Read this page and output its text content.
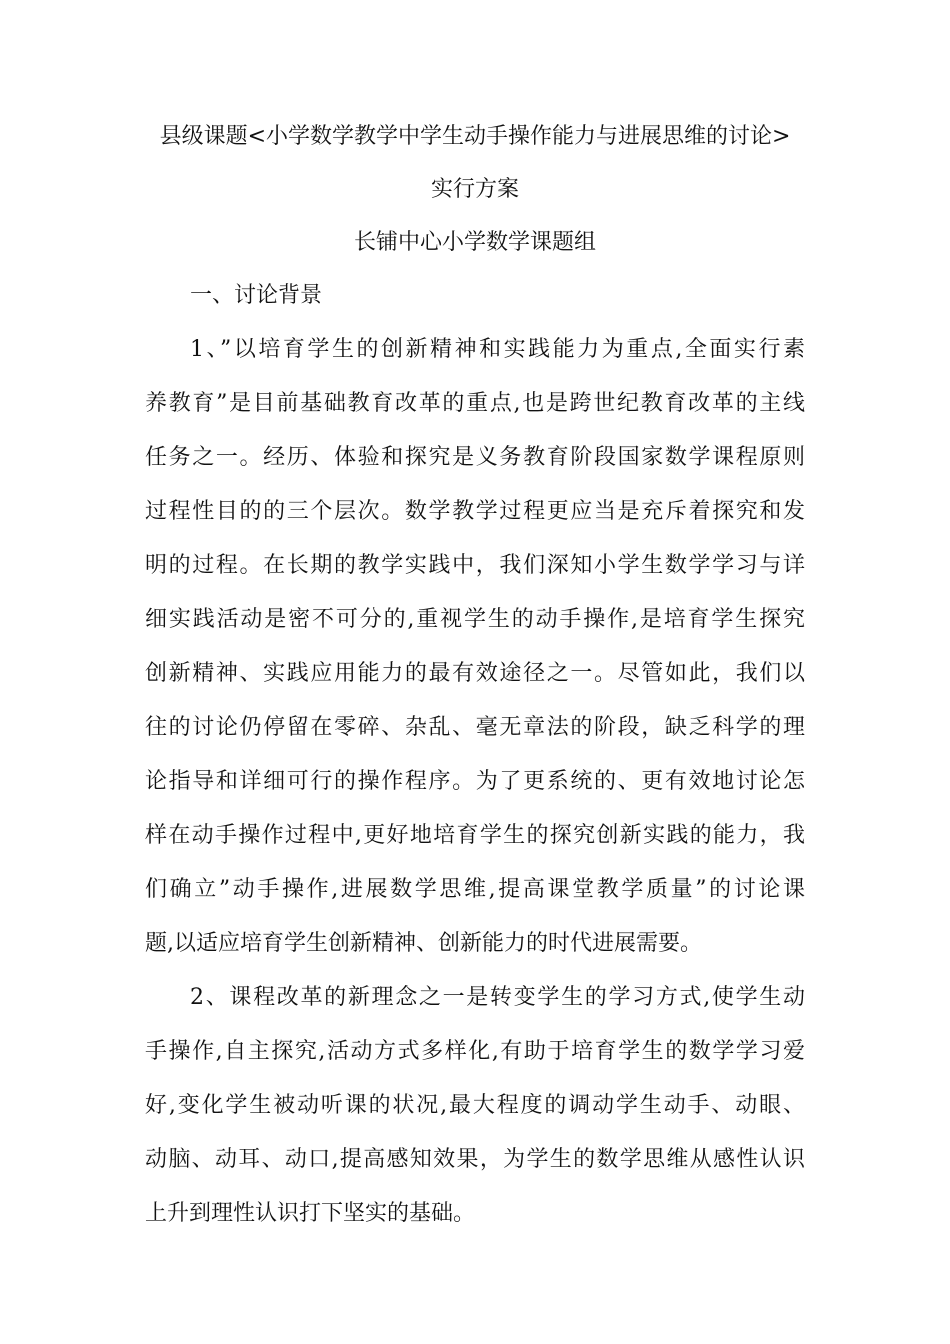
县级课题<小学数学教学中学生动手操作能力与进展思维的讨论>
实行方案
长铺中心小学数学课题组
一、讨论背景
1、”以培育学生的创新精神和实践能力为重点,全面实行素
养教育”是目前基础教育改革的重点,也是跨世纪教育改革的主线
任务之一。经历、体验和探究是义务教育阶段国家数学课程原则
过程性目的的三个层次。数学教学过程更应当是充斥着探究和发
明的过程。在长期的教学实践中，我们深知小学生数学学习与详
细实践活动是密不可分的,重视学生的动手操作,是培育学生探究
创新精神、实践应用能力的最有效途径之一。尽管如此，我们以
往的讨论仍停留在零碎、杂乱、毫无章法的阶段，缺乏科学的理
论指导和详细可行的操作程序。为了更系统的、更有效地讨论怎
样在动手操作过程中,更好地培育学生的探究创新实践的能力，我
们确立”动手操作,进展数学思维,提高课堂教学质量”的讨论课
题,以适应培育学生创新精神、创新能力的时代进展需要。
2、课程改革的新理念之一是转变学生的学习方式,使学生动
手操作,自主探究,活动方式多样化,有助于培育学生的数学学习爱
好,变化学生被动听课的状况,最大程度的调动学生动手、动眼、
动脑、动耳、动口,提高感知效果，为学生的数学思维从感性认识
上升到理性认识打下坚实的基础。
